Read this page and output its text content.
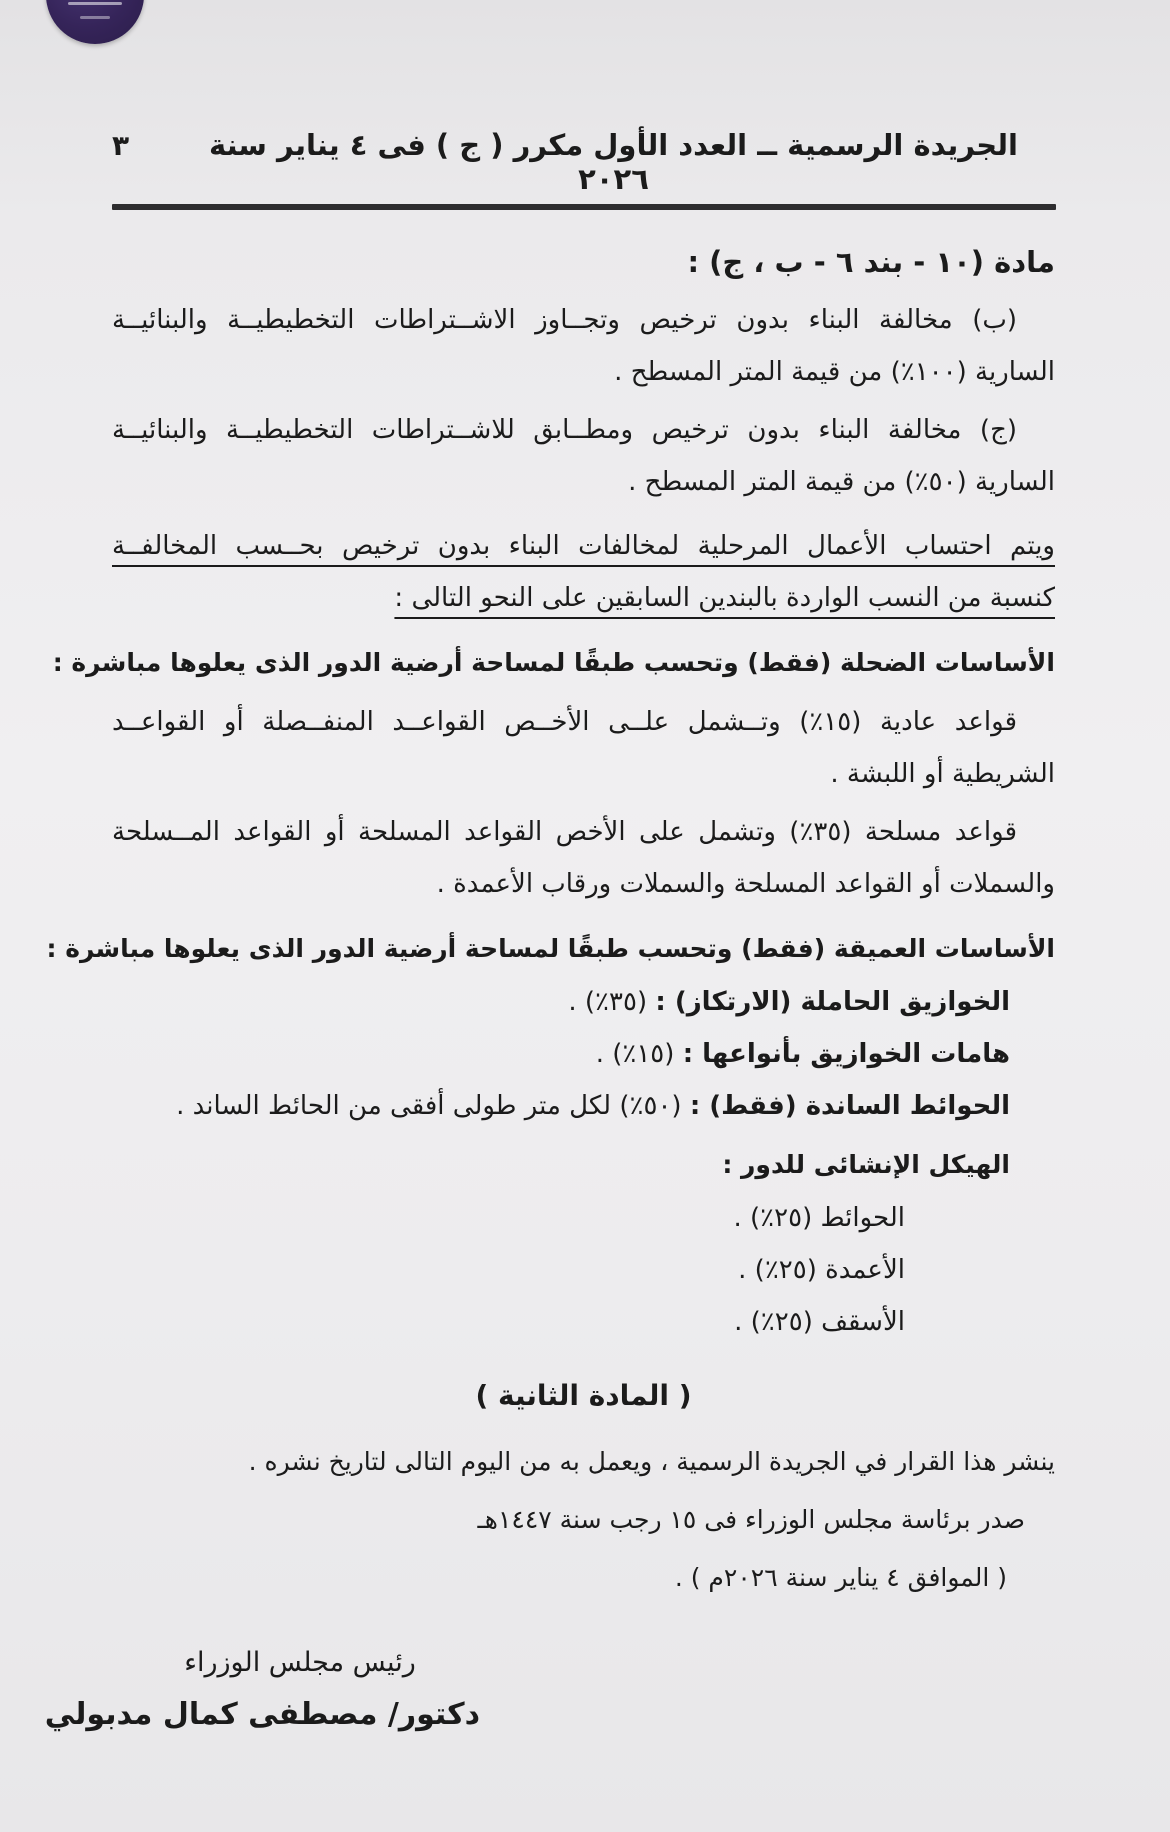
الجريدة الرسمية ــ العدد الأول مكرر ( ج ) فى ٤ يناير سنة ٢٠٢٦
٣
مادة (١٠ - بند ٦ - ب ، ج) :
(ب) مخالفة البناء بدون ترخيص وتجــاوز الاشــتراطات التخطيطيــة والبنائيــة
السارية (١٠٠٪) من قيمة المتر المسطح .
(ج) مخالفة البناء بدون ترخيص ومطــابق للاشــتراطات التخطيطيــة والبنائيــة
السارية (٥٠٪) من قيمة المتر المسطح .
ويتم احتساب الأعمال المرحلية لمخالفات البناء بدون ترخيص بحــسب المخالفــة
كنسبة من النسب الواردة بالبندين السابقين على النحو التالى :
الأساسات الضحلة (فقط) وتحسب طبقًا لمساحة أرضية الدور الذى يعلوها مباشرة :
قواعد عادية (١٥٪) وتــشمل علــى الأخــص القواعــد المنفــصلة أو القواعــد
الشريطية أو اللبشة .
قواعد مسلحة (٣٥٪) وتشمل على الأخص القواعد المسلحة أو القواعد المــسلحة
والسملات أو القواعد المسلحة والسملات ورقاب الأعمدة .
الأساسات العميقة (فقط) وتحسب طبقًا لمساحة أرضية الدور الذى يعلوها مباشرة :
الخوازيق الحاملة (الارتكاز) : (٣٥٪) .
هامات الخوازيق بأنواعها : (١٥٪) .
الحوائط الساندة (فقط) : (٥٠٪) لكل متر طولى أفقى من الحائط الساند .
الهيكل الإنشائى للدور :
الحوائط (٢٥٪) .
الأعمدة (٢٥٪) .
الأسقف (٢٥٪) .
( المادة الثانية )
ينشر هذا القرار في الجريدة الرسمية ، ويعمل به من اليوم التالى لتاريخ نشره .
صدر برئاسة مجلس الوزراء فى ١٥ رجب سنة ١٤٤٧هـ
( الموافق ٤ يناير سنة ٢٠٢٦م ) .
رئيس مجلس الوزراء
دكتور/ مصطفى كمال مدبولي
